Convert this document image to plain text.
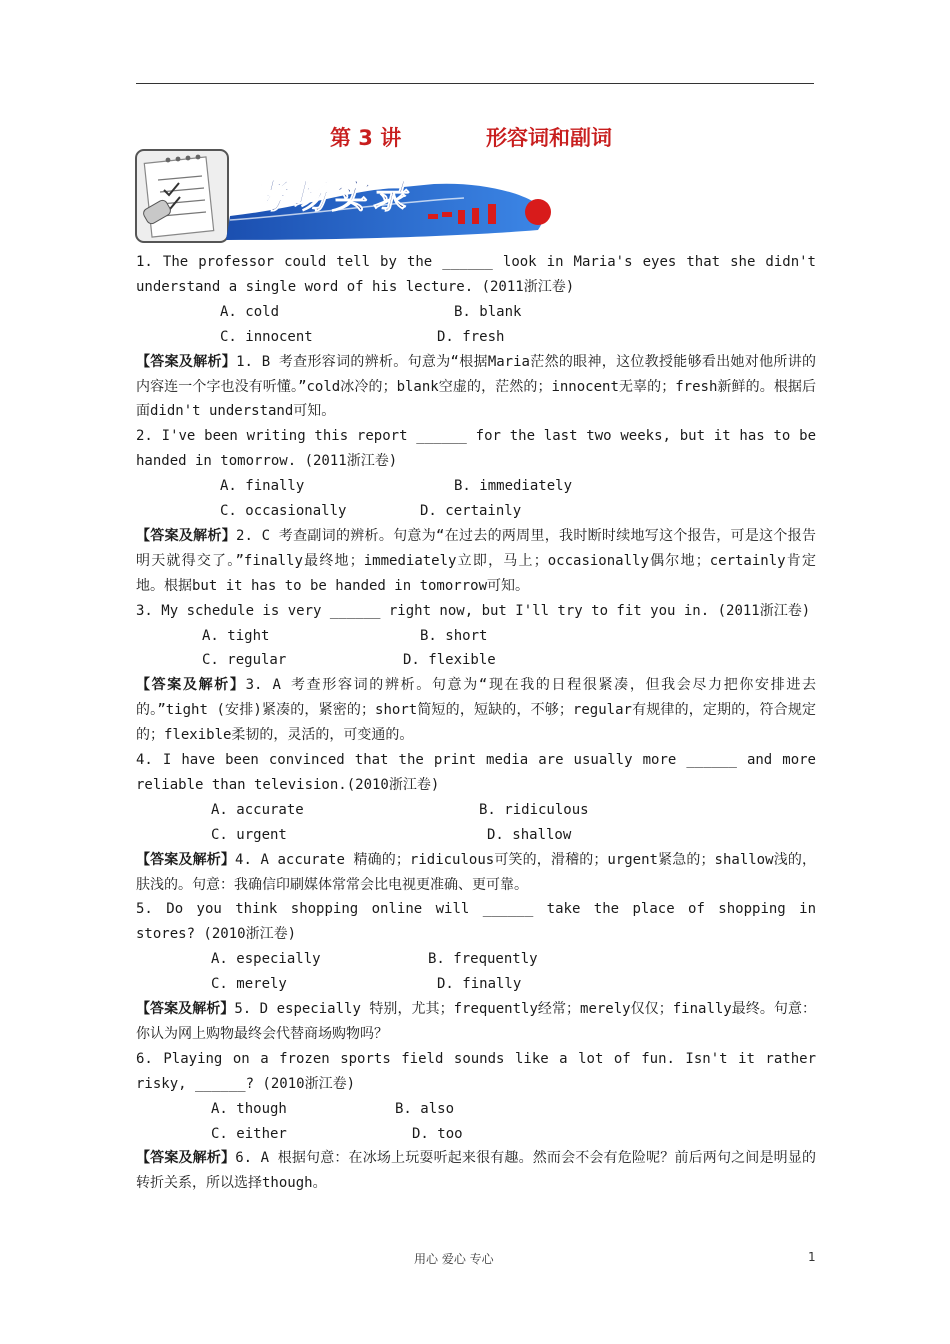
第 3 讲	形容词和副词
考场实录
1. The professor could tell by the ______ look in Maria's eyes that she didn't understand a single word of his lecture. (2011浙江卷)
A. cold	B. blank
C. innocent	D. fresh
【答案及解析】1. B 考查形容词的辨析。句意为“根据Maria茫然的眼神，这位教授能够看出她对他所讲的内容连一个字也没有听懂。”cold冰冷的；blank空虚的，茫然的；innocent无辜的；fresh新鲜的。根据后面didn't understand可知。
2. I've been writing this report ______ for the last two weeks, but it has to be handed in tomorrow. (2011浙江卷)
A. finally	B. immediately
C. occasionally	D. certainly
【答案及解析】2. C 考查副词的辨析。句意为“在过去的两周里，我时断时续地写这个报告，可是这个报告明天就得交了。”finally最终地；immediately立即，马上；occasionally偶尔地；certainly肯定地。根据but it has to be handed in tomorrow可知。
3. My schedule is very ______ right now, but I'll try to fit you in. (2011浙江卷)
A. tight	B. short
C. regular	D. flexible
【答案及解析】3. A 考查形容词的辨析。句意为“现在我的日程很紧凑，但我会尽力把你安排进去的。”tight (安排)紧凑的，紧密的；short简短的，短缺的，不够；regular有规律的，定期的，符合规定的；flexible柔韧的，灵活的，可变通的。
4. I have been convinced that the print media are usually more ______ and more reliable than television.(2010浙江卷)
A. accurate	B. ridiculous
C. urgent	D. shallow
【答案及解析】4. A accurate 精确的；ridiculous可笑的，滑稽的；urgent紧急的；shallow浅的，肤浅的。句意：我确信印刷媒体常常会比电视更准确、更可靠。
5. Do you think shopping online will ______ take the place of shopping in stores? (2010浙江卷)
A. especially	B. frequently
C. merely	D. finally
【答案及解析】5. D especially 特别，尤其；frequently经常；merely仅仅；finally最终。句意：你认为网上购物最终会代替商场购物吗？
6. Playing on a frozen sports field sounds like a lot of fun. Isn't it rather risky, ______? (2010浙江卷)
A. though	B. also
C. either	D. too
【答案及解析】6. A 根据句意：在冰场上玩耍听起来很有趣。然而会不会有危险呢？前后两句之间是明显的转折关系，所以选择though。
用心 爱心 专心	1
